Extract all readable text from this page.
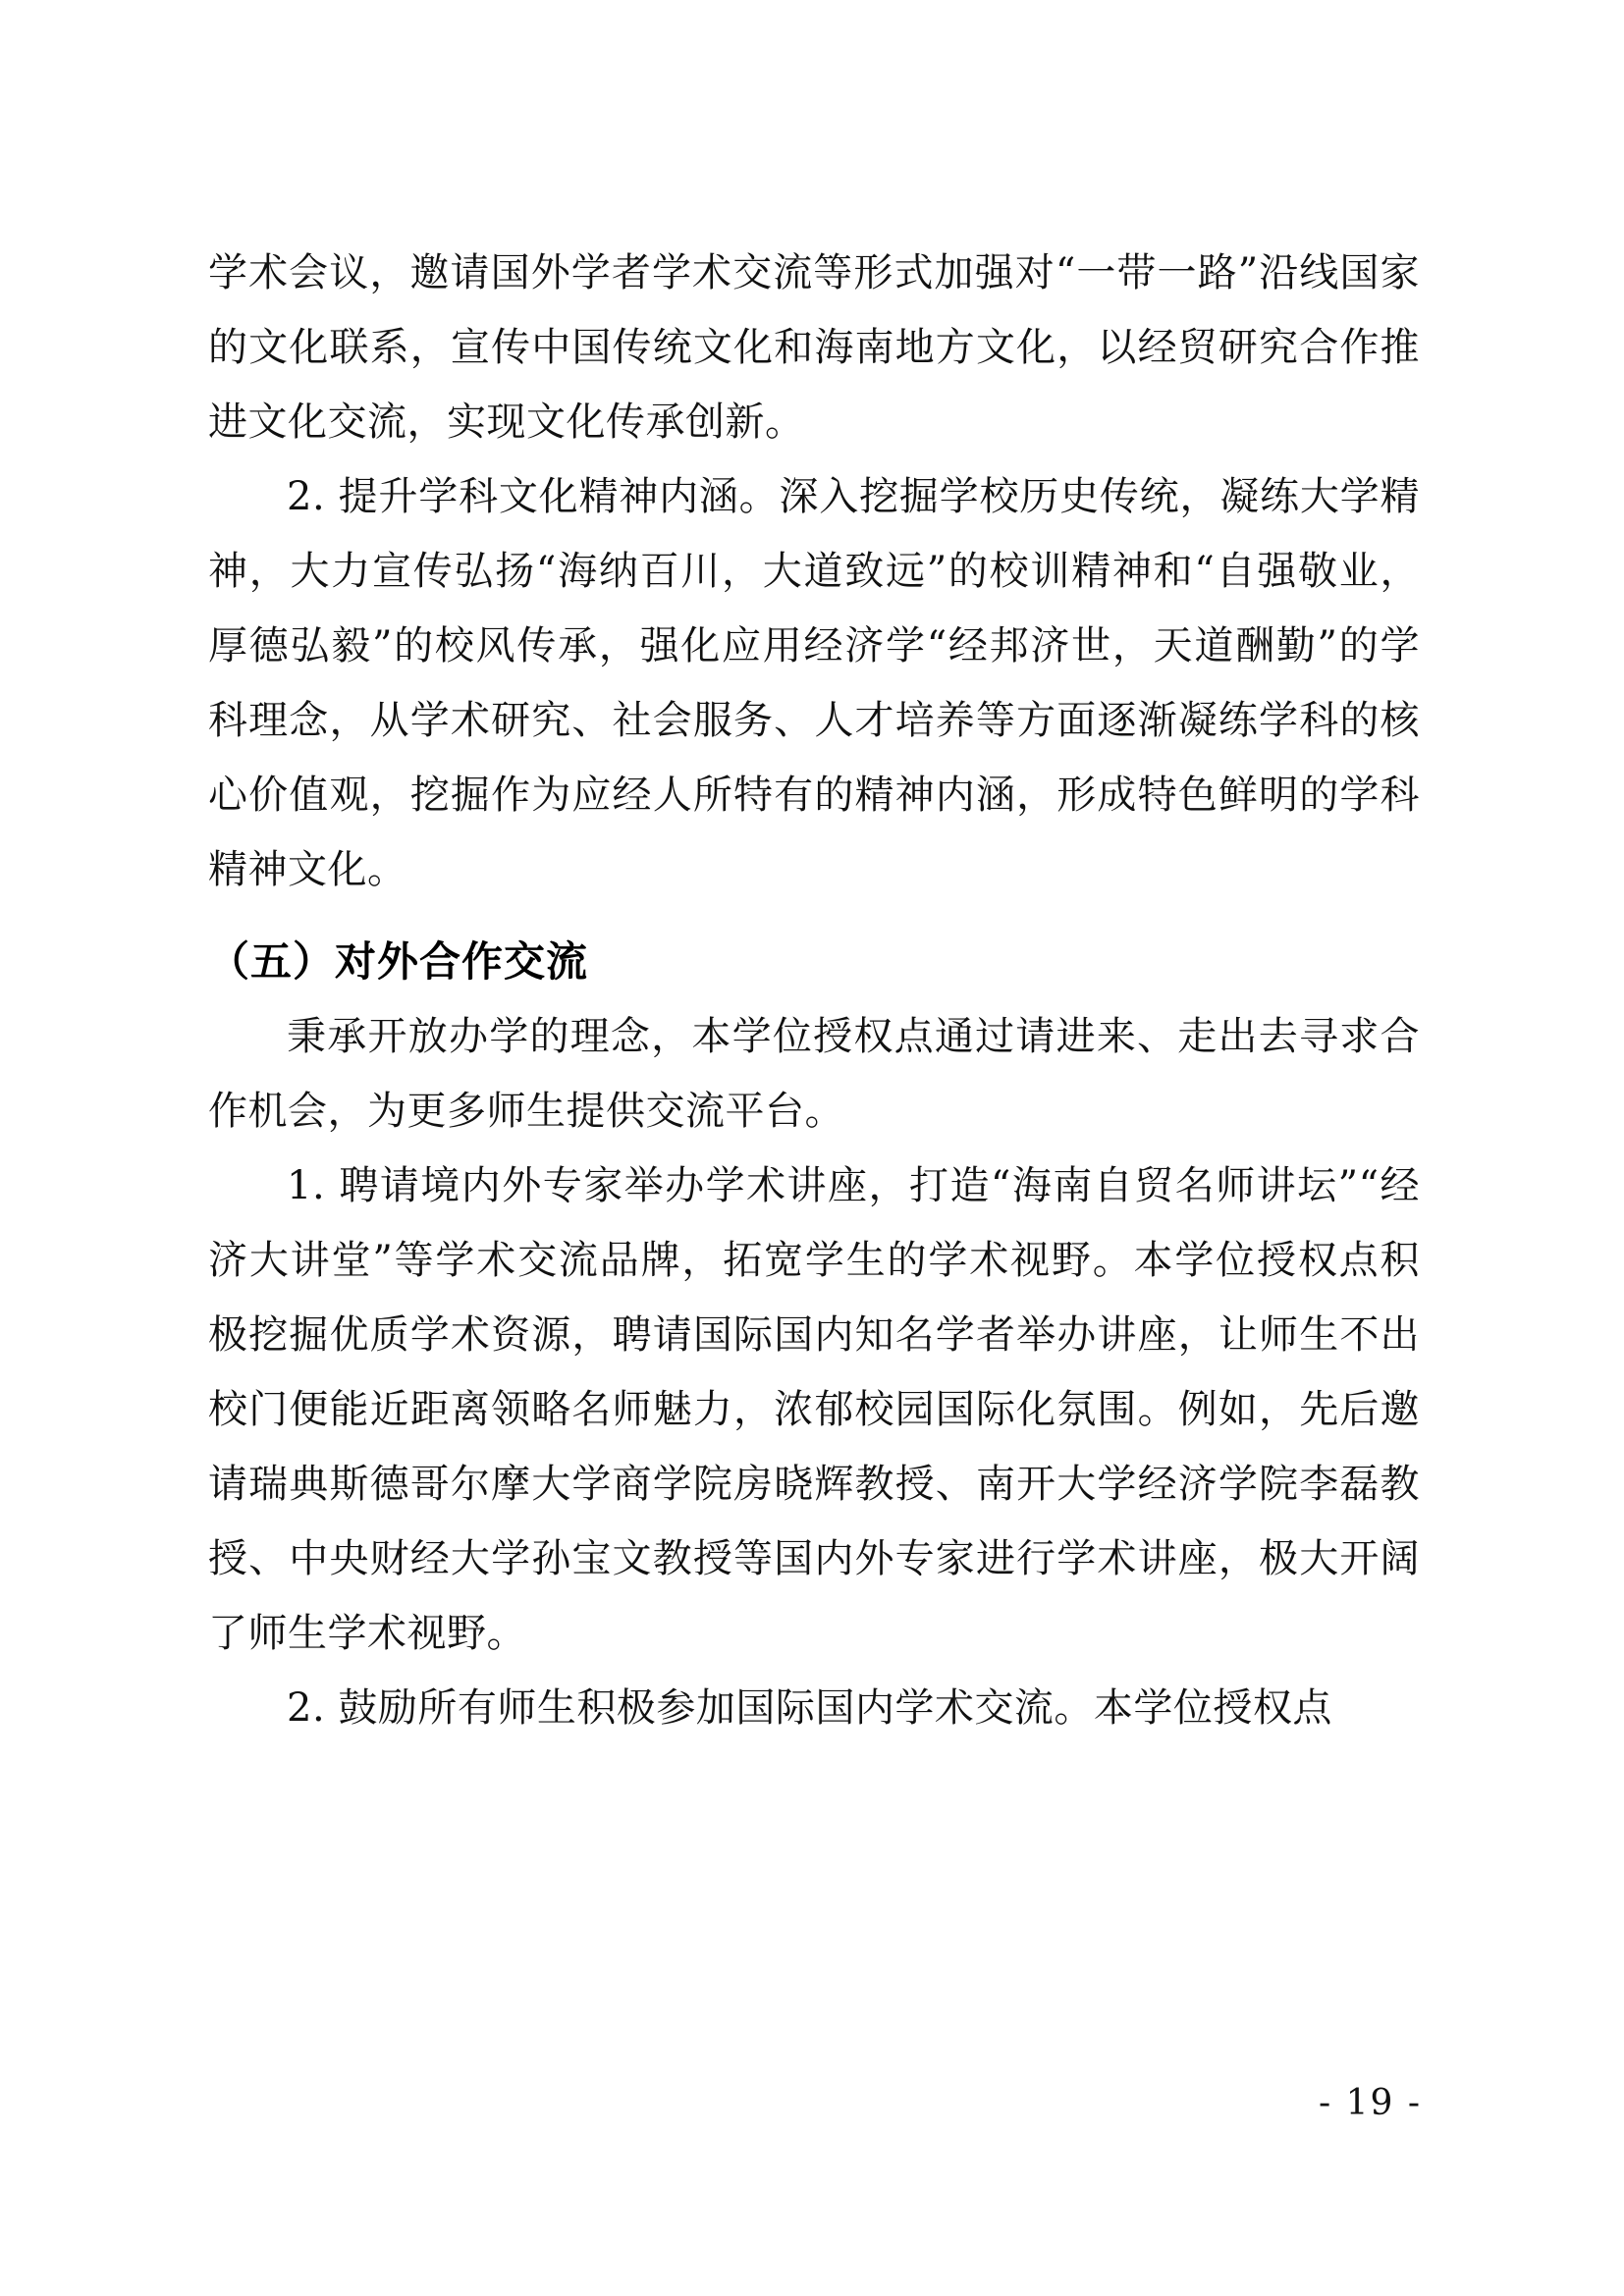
学术会议，邀请国外学者学术交流等形式加强对“一带一路”沿线国家的文化联系，宣传中国传统文化和海南地方文化，以经贸研究合作推进文化交流，实现文化传承创新。

2. 提升学科文化精神内涵。深入挖掘学校历史传统，凝练大学精神，大力宣传弘扬“海纳百川，大道致远”的校训精神和“自强敬业，厚德弘毅”的校风传承，强化应用经济学“经邦济世，天道酬勤”的学科理念，从学术研究、社会服务、人才培养等方面逐渐凝练学科的核心价值观，挖掘作为应经人所特有的精神内涵，形成特色鲜明的学科精神文化。

（五）对外合作交流

秉承开放办学的理念，本学位授权点通过请进来、走出去寻求合作机会，为更多师生提供交流平台。

1. 聘请境内外专家举办学术讲座，打造“海南自贸名师讲坛”“经济大讲堂”等学术交流品牌，拓宽学生的学术视野。本学位授权点积极挖掘优质学术资源，聘请国际国内知名学者举办讲座，让师生不出校门便能近距离领略名师魅力，浓郁校园国际化氛围。例如，先后邀请瑞典斯德哥尔摩大学商学院房晓辉教授、南开大学经济学院李磊教授、中央财经大学孙宝文教授等国内外专家进行学术讲座，极大开阔了师生学术视野。

2. 鼓励所有师生积极参加国际国内学术交流。本学位授权点

- 19 -
